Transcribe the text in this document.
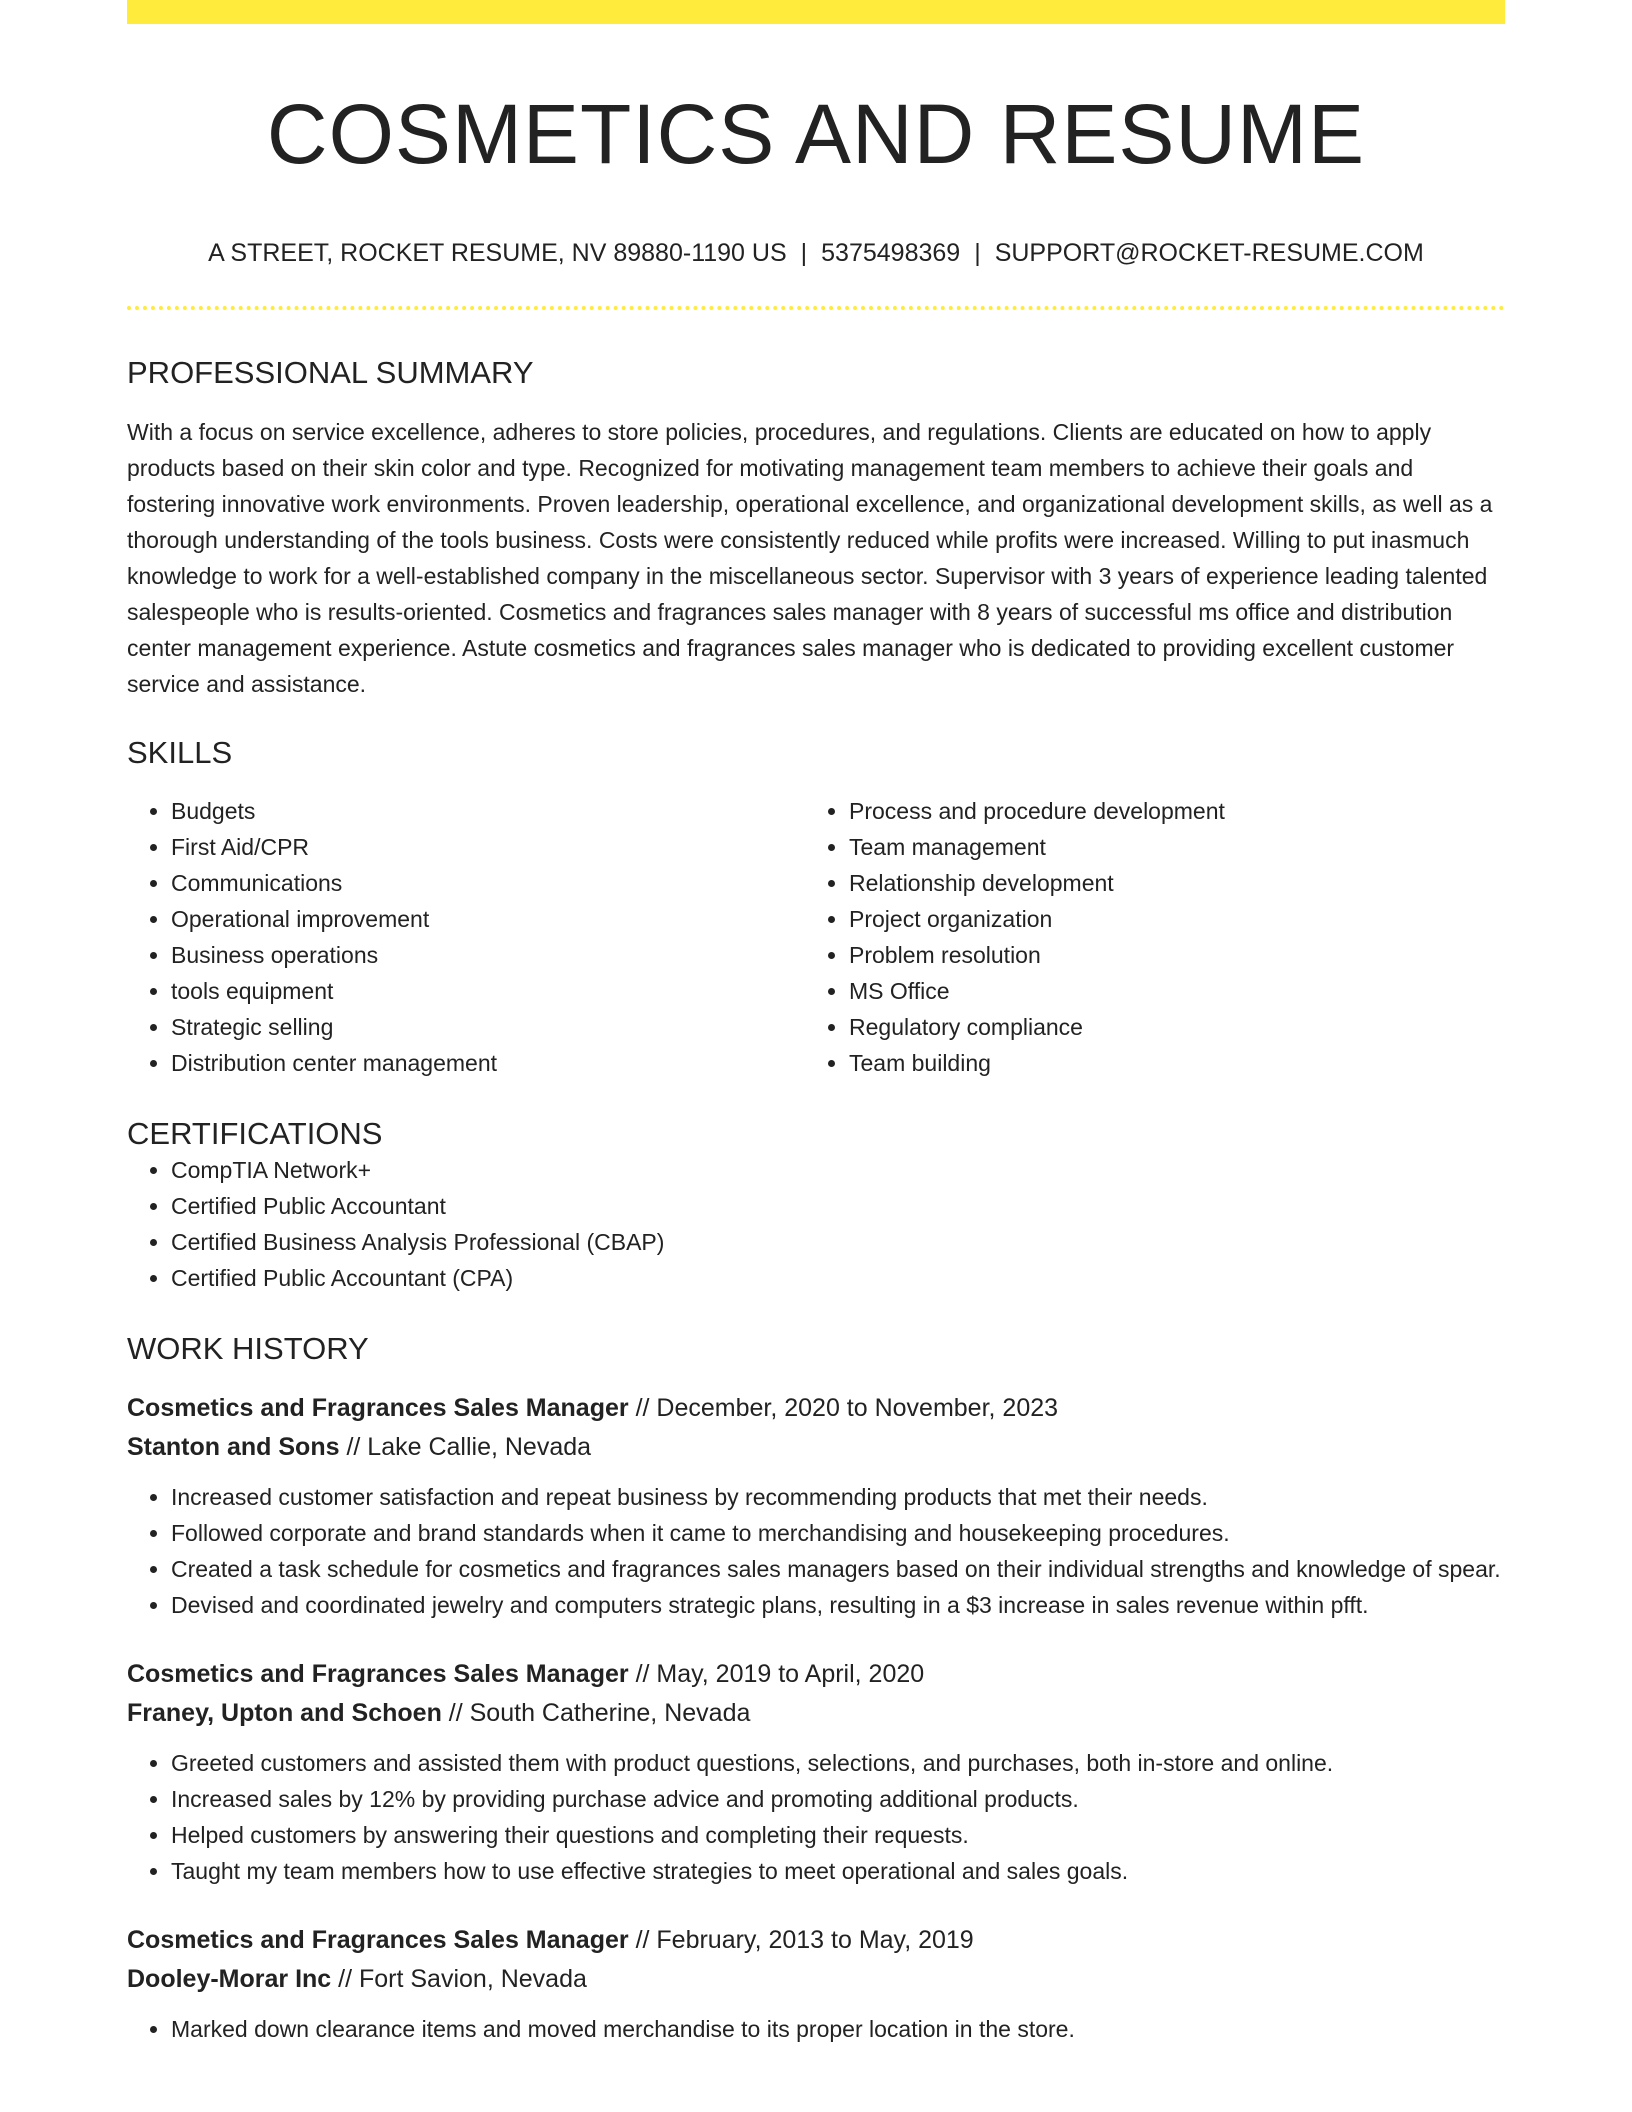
COSMETICS AND RESUME
A STREET, ROCKET RESUME, NV 89880-1190 US | 5375498369 | SUPPORT@ROCKET-RESUME.COM
PROFESSIONAL SUMMARY

With a focus on service excellence, adheres to store policies, procedures, and regulations. Clients are educated on how to apply products based on their skin color and type. Recognized for motivating management team members to achieve their goals and fostering innovative work environments. Proven leadership, operational excellence, and organizational development skills, as well as a thorough understanding of the tools business. Costs were consistently reduced while profits were increased. Willing to put inasmuch knowledge to work for a well-established company in the miscellaneous sector. Supervisor with 3 years of experience leading talented salespeople who is results-oriented. Cosmetics and fragrances sales manager with 8 years of successful ms office and distribution center management experience. Astute cosmetics and fragrances sales manager who is dedicated to providing excellent customer service and assistance.

SKILLS
• Budgets
• First Aid/CPR
• Communications
• Operational improvement
• Business operations
• tools equipment
• Strategic selling
• Distribution center management
• Process and procedure development
• Team management
• Relationship development
• Project organization
• Problem resolution
• MS Office
• Regulatory compliance
• Team building
CERTIFICATIONS
• CompTIA Network+
• Certified Public Accountant
• Certified Business Analysis Professional (CBAP)
• Certified Public Accountant (CPA)
WORK HISTORY
Cosmetics and Fragrances Sales Manager // December, 2020 to November, 2023
Stanton and Sons // Lake Callie, Nevada
• Increased customer satisfaction and repeat business by recommending products that met their needs.
• Followed corporate and brand standards when it came to merchandising and housekeeping procedures.
• Created a task schedule for cosmetics and fragrances sales managers based on their individual strengths and knowledge of spear.
• Devised and coordinated jewelry and computers strategic plans, resulting in a $3 increase in sales revenue within pfft.
Cosmetics and Fragrances Sales Manager // May, 2019 to April, 2020
Franey, Upton and Schoen // South Catherine, Nevada
• Greeted customers and assisted them with product questions, selections, and purchases, both in-store and online.
• Increased sales by 12% by providing purchase advice and promoting additional products.
• Helped customers by answering their questions and completing their requests.
• Taught my team members how to use effective strategies to meet operational and sales goals.
Cosmetics and Fragrances Sales Manager // February, 2013 to May, 2019
Dooley-Morar Inc // Fort Savion, Nevada
• Marked down clearance items and moved merchandise to its proper location in the store.
